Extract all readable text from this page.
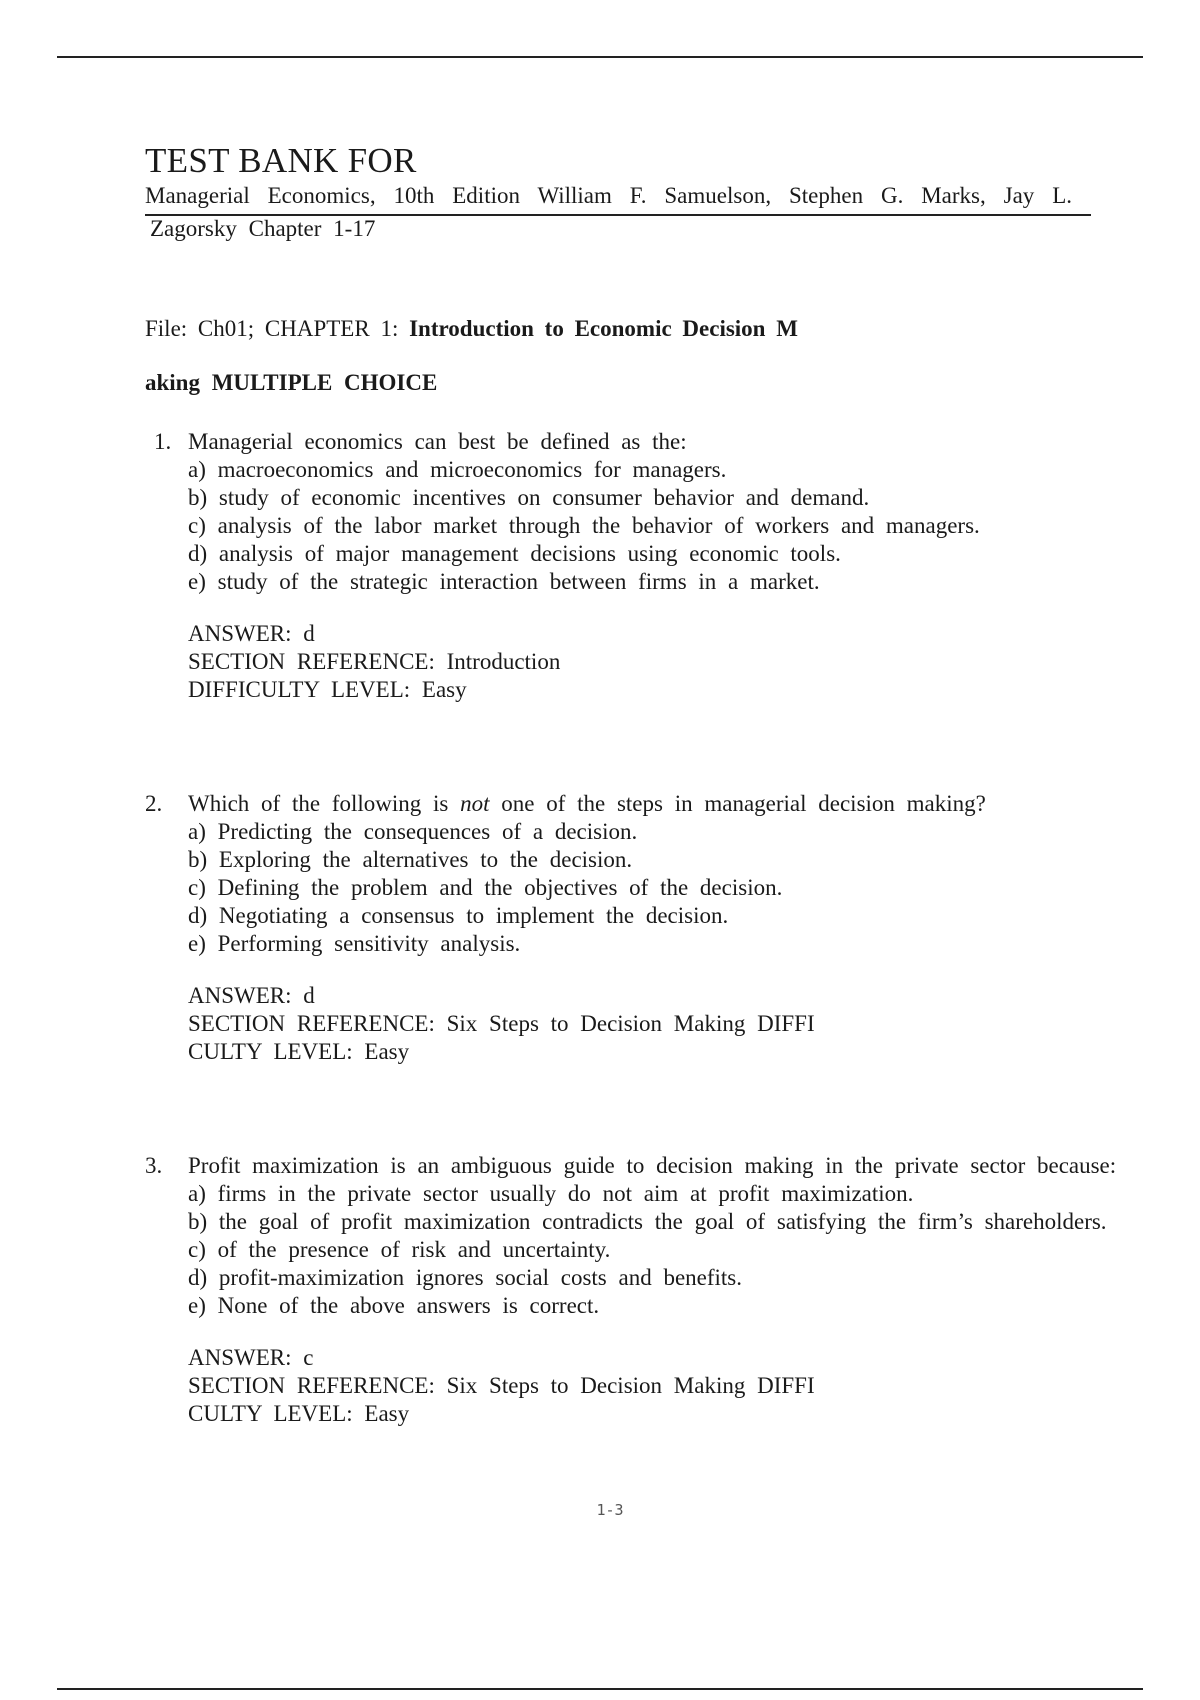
TEST BANK FOR
Managerial Economics, 10th Edition William F. Samuelson, Stephen G. Marks, Jay L.
Zagorsky Chapter 1-17
File: Ch01; CHAPTER 1: Introduction to Economic Decision M
aking MULTIPLE CHOICE
1. Managerial economics can best be defined as the:
a) macroeconomics and microeconomics for managers.
b) study of economic incentives on consumer behavior and demand.
c) analysis of the labor market through the behavior of workers and managers.
d) analysis of major management decisions using economic tools.
e) study of the strategic interaction between firms in a market.
ANSWER: d
SECTION REFERENCE: Introduction
DIFFICULTY LEVEL: Easy
2.	Which of the following is not one of the steps in managerial decision making?
a) Predicting the consequences of a decision.
b) Exploring the alternatives to the decision.
c) Defining the problem and the objectives of the decision.
d) Negotiating a consensus to implement the decision.
e) Performing sensitivity analysis.
ANSWER: d
SECTION REFERENCE: Six Steps to Decision Making DIFFI
CULTY LEVEL: Easy
3.	Profit maximization is an ambiguous guide to decision making in the private sector because:
a) firms in the private sector usually do not aim at profit maximization.
b) the goal of profit maximization contradicts the goal of satisfying the firm’s shareholders.
c) of the presence of risk and uncertainty.
d) profit-maximization ignores social costs and benefits.
e) None of the above answers is correct.
ANSWER: c
SECTION REFERENCE: Six Steps to Decision Making DIFFI
CULTY LEVEL: Easy
1-3
